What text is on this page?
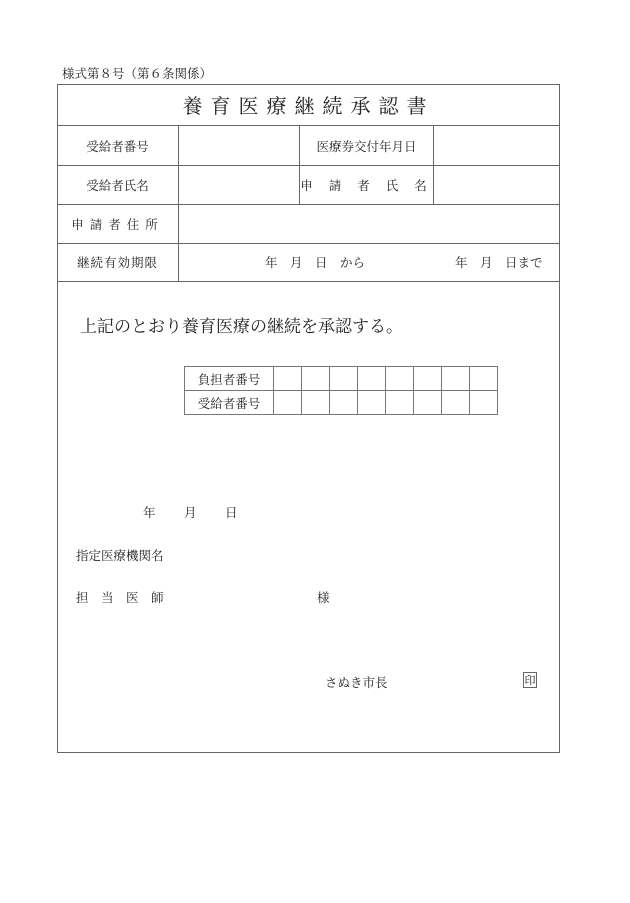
様式第８号（第６条関係）
養育医療継続承認書
受給者番号	医療券交付年月日
受給者氏名	申 請 者 氏 名
申請者住所
継続有効期限	年　月　日　から	年　月　日まで
上記のとおり養育医療の継続を承認する。
負担者番号								
受給者番号								
年 月 日
指定医療機関名
担　当　医　師	様
さぬき市長	印
